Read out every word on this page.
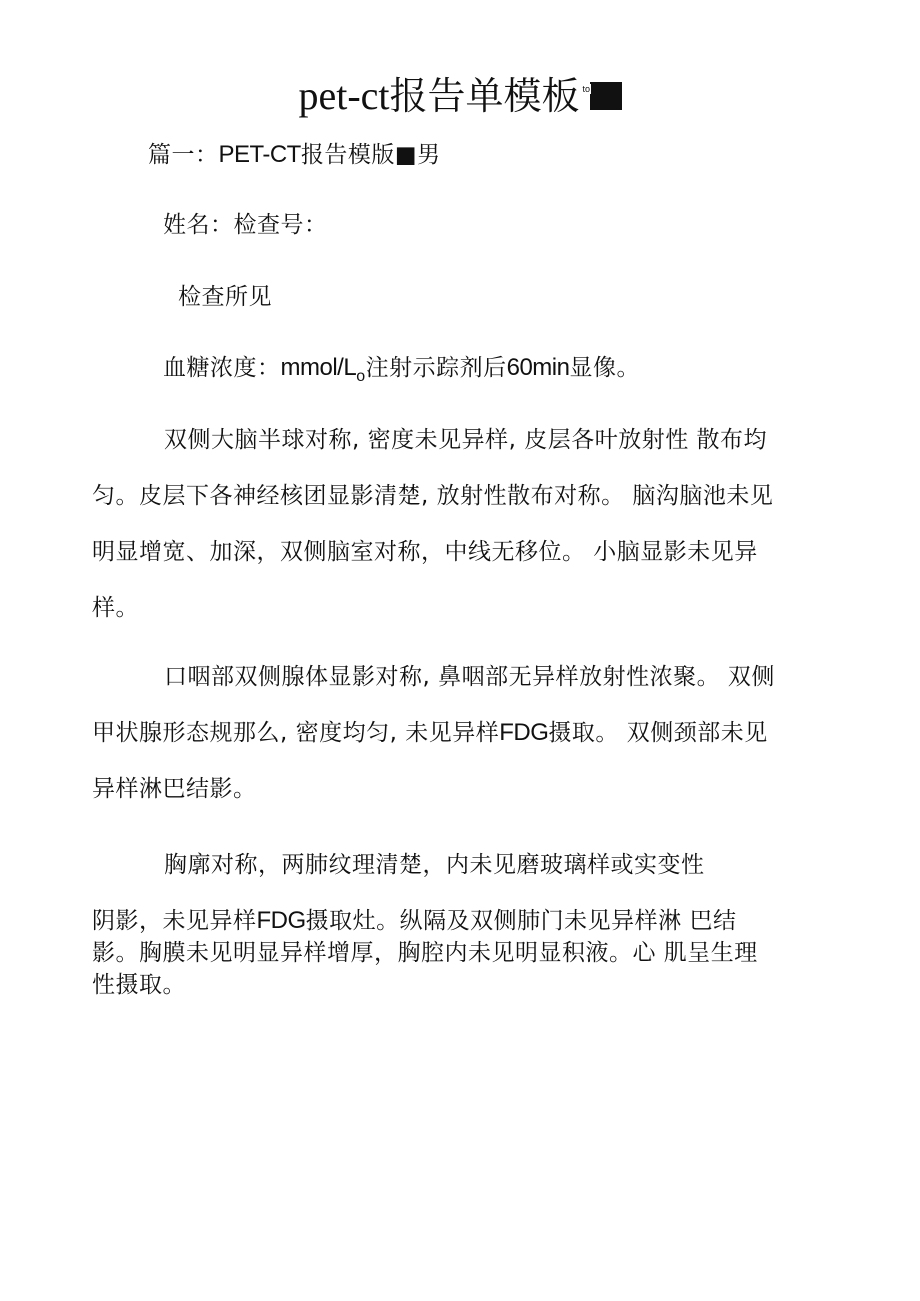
pet-ct报告单模板 to
篇一：PET-CT报告模版■男
姓名：检查号：
检查所见
血糖浓度：mmol/$L_o$注射示踪剂后60min显像。
双侧大脑半球对称, 密度未见异样, 皮层各叶放射性 散布均
匀。皮层下各神经核团显影清楚, 放射性散布对称。 脑沟脑池未见
明显增宽、加深，双侧脑室对称，中线无移位。 小脑显影未见异
样。
口咽部双侧腺体显影对称, 鼻咽部无异样放射性浓聚。 双侧
甲状腺形态规那么, 密度均匀, 未见异样FDG摄取。 双侧颈部未见
异样淋巴结影。
胸廓对称，两肺纹理清楚，内未见磨玻璃样或实变性
阴影，未见异样FDG摄取灶。纵隔及双侧肺门未见异样淋 巴结
影。胸膜未见明显异样增厚，胸腔内未见明显积液。心 肌呈生理
性摄取。
